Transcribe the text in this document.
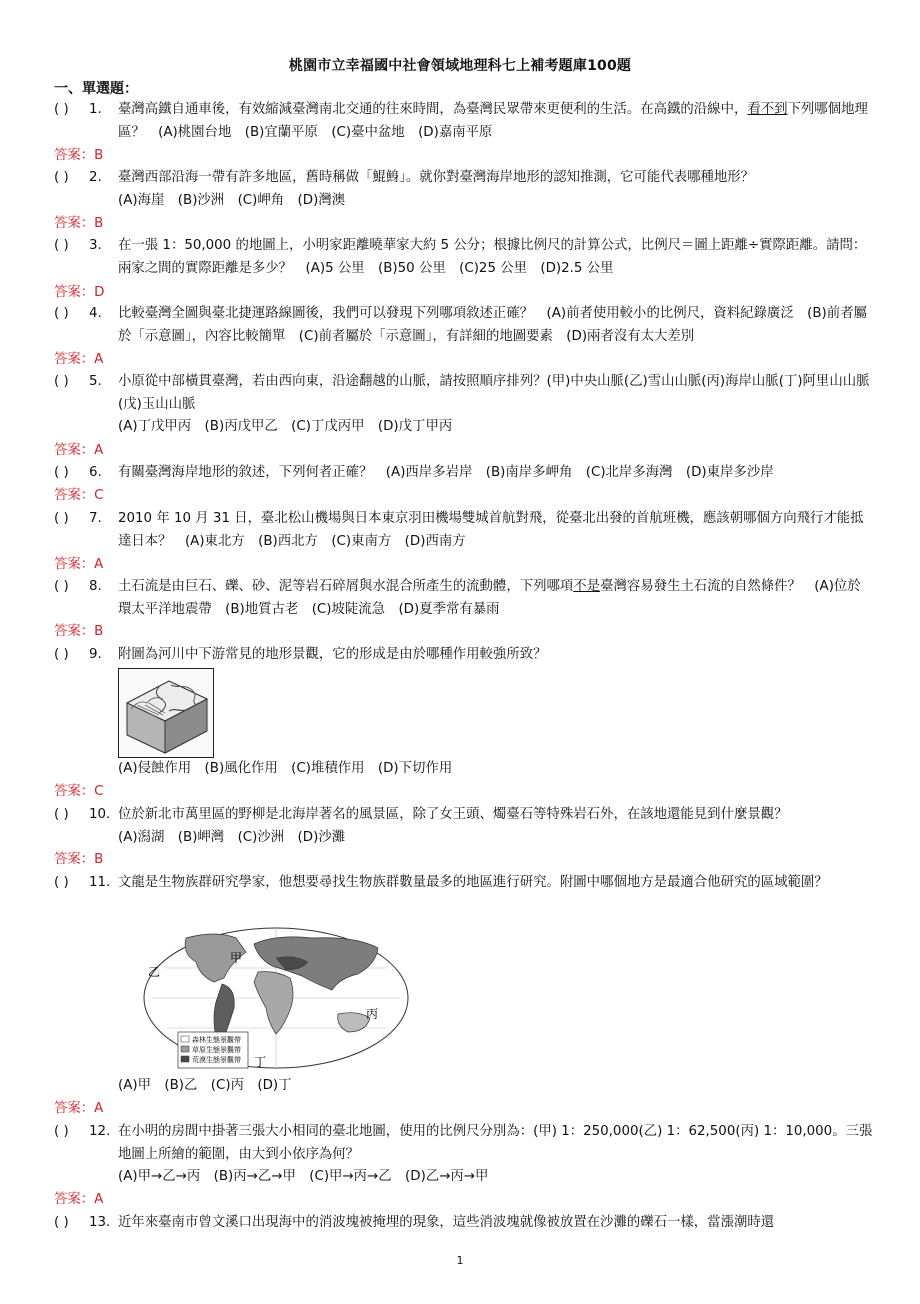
桃園市立幸福國中社會領域地理科七上補考題庫100題
一、單選題：
( )	1. 臺灣高鐵自通車後，有效縮減臺灣南北交通的往來時間，為臺灣民眾帶來更便利的生活。在高鐵的沿線中，看不到下列哪個地理區？　(A)桃園台地　(B)宜蘭平原　(C)臺中盆地　(D)嘉南平原
答案：B
( )	2. 臺灣西部沿海一帶有許多地區，舊時稱做「鯤鯓」。就你對臺灣海岸地形的認知推測，它可能代表哪種地形？
(A)海崖　(B)沙洲　(C)岬角　(D)灣澳
答案：B
( )	3. 在一張 1：50,000 的地圖上，小明家距離曉華家大約 5 公分；根據比例尺的計算公式，比例尺＝圖上距離÷實際距離。請問：兩家之間的實際距離是多少？　(A)5 公里　(B)50 公里　(C)25 公里　(D)2.5 公里
答案：D
( )	4. 比較臺灣全圖與臺北捷運路線圖後，我們可以發現下列哪項敘述正確？　(A)前者使用較小的比例尺，資料紀錄廣泛　(B)前者屬於「示意圖」，內容比較簡單　(C)前者屬於「示意圖」，有詳細的地圖要素　(D)兩者沒有太大差別
答案：A
( )	5. 小原從中部橫貫臺灣，若由西向東，沿途翻越的山脈，請按照順序排列？(甲)中央山脈(乙)雪山山脈(丙)海岸山脈(丁)阿里山山脈(戊)玉山山脈
(A)丁戊甲丙　(B)丙戊甲乙　(C)丁戊丙甲　(D)戊丁甲丙
答案：A
( )	6. 有關臺灣海岸地形的敘述，下列何者正確？　(A)西岸多岩岸　(B)南岸多岬角　(C)北岸多海灣　(D)東岸多沙岸
答案：C
( )	7. 2010 年 10 月 31 日，臺北松山機場與日本東京羽田機場雙城首航對飛，從臺北出發的首航班機，應該朝哪個方向飛行才能抵達日本？　(A)東北方　(B)西北方　(C)東南方　(D)西南方
答案：A
( )	8. 土石流是由巨石、礫、砂、泥等岩石碎屑與水混合所產生的流動體，下列哪項不是臺灣容易發生土石流的自然條件？　(A)位於環太平洋地震帶　(B)地質古老　(C)坡陡流急　(D)夏季常有暴雨
答案：B
( )	9. 附圖為河川中下游常見的地形景觀，它的形成是由於哪種作用較強所致？
(A)侵蝕作用　(B)風化作用　(C)堆積作用　(D)下切作用
答案：C
( )	10. 位於新北市萬里區的野柳是北海岸著名的風景區，除了女王頭、燭臺石等特殊岩石外，在該地還能見到什麼景觀？
(A)潟湖　(B)岬灣　(C)沙洲　(D)沙灘
答案：B
( )	11. 文龍是生物族群研究學家，他想要尋找生物族群數量最多的地區進行研究。附圖中哪個地方是最適合他研究的區域範圍？
甲
乙
丙
丁
森林生態景觀帶
草原生態景觀帶
荒漠生態景觀帶
(A)甲　(B)乙　(C)丙　(D)丁
答案：A
( )	12. 在小明的房間中掛著三張大小相同的臺北地圖，使用的比例尺分別為：(甲) 1：250,000(乙) 1：62,500(丙) 1：10,000。三張地圖上所繪的範圍，由大到小依序為何？
(A)甲→乙→丙　(B)丙→乙→甲　(C)甲→丙→乙　(D)乙→丙→甲
答案：A
( )	13. 近年來臺南市曾文溪口出現海中的消波塊被掩埋的現象，這些消波塊就像被放置在沙灘的礫石一樣，當漲潮時還
1
